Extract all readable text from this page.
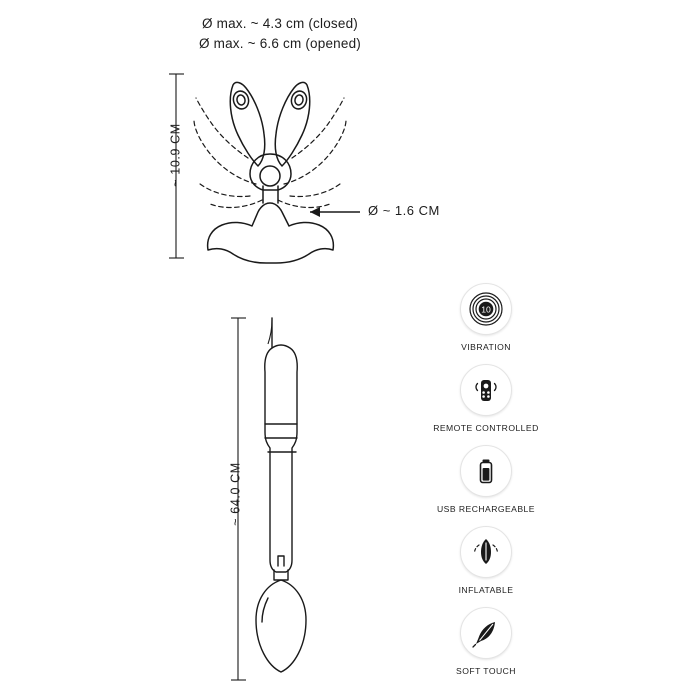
Ø max. ~ 4.3 cm (closed)
Ø max. ~ 6.6 cm (opened)
~ 10.9 CM
~ 64.0 CM
Ø ~ 1.6 CM
10
VIBRATION
REMOTE CONTROLLED
USB RECHARGEABLE
INFLATABLE
SOFT TOUCH
